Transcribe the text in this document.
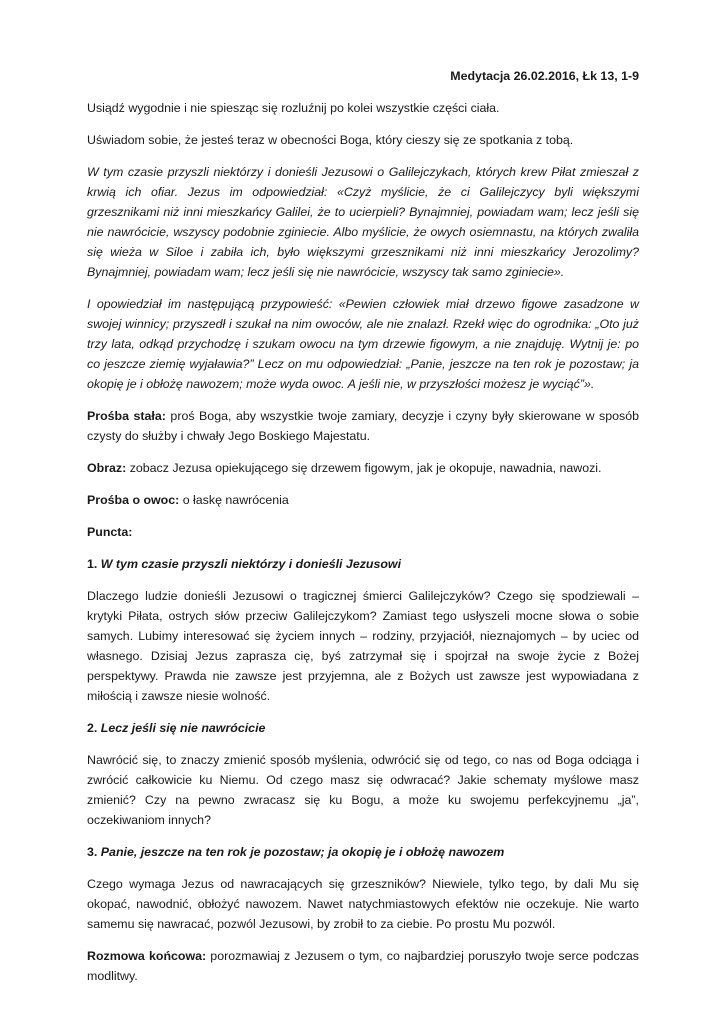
Medytacja 26.02.2016, Łk 13, 1-9

Usiądź wygodnie i nie spiesząc się rozluźnij po kolei wszystkie części ciała.

Uświadom sobie, że jesteś teraz w obecności Boga, który cieszy się ze spotkania z tobą.

W tym czasie przyszli niektórzy i donieśli Jezusowi o Galilejczykach, których krew Piłat zmieszał z krwią ich ofiar. Jezus im odpowiedział: «Czyż myślicie, że ci Galilejczycy byli większymi grzesznikami niż inni mieszkańcy Galilei, że to ucierpieli? Bynajmniej, powiadam wam; lecz jeśli się nie nawrócicie, wszyscy podobnie zginiecie. Albo myślicie, że owych osiemnastu, na których zwaliła się wieża w Siloe i zabiła ich, było większymi grzesznikami niż inni mieszkańcy Jerozolimy? Bynajmniej, powiadam wam; lecz jeśli się nie nawrócicie, wszyscy tak samo zginiecie».

I opowiedział im następującą przypowieść: «Pewien człowiek miał drzewo figowe zasadzone w swojej winnicy; przyszedł i szukał na nim owoców, ale nie znalazł. Rzekł więc do ogrodnika: „Oto już trzy lata, odkąd przychodzę i szukam owocu na tym drzewie figowym, a nie znajduję. Wytnij je: po co jeszcze ziemię wyjaławia?” Lecz on mu odpowiedział: „Panie, jeszcze na ten rok je pozostaw; ja okopię je i obłożę nawozem; może wyda owoc. A jeśli nie, w przyszłości możesz je wyciąć”».

Prośba stała: proś Boga, aby wszystkie twoje zamiary, decyzje i czyny były skierowane w sposób czysty do służby i chwały Jego Boskiego Majestatu.

Obraz: zobacz Jezusa opiekującego się drzewem figowym, jak je okopuje, nawadnia, nawozi.

Prośba o owoc: o łaskę nawrócenia

Puncta:

1. W tym czasie przyszli niektórzy i donieśli Jezusowi

Dlaczego ludzie donieśli Jezusowi o tragicznej śmierci Galilejczyków? Czego się spodziewali – krytyki Piłata, ostrych słów przeciw Galilejczykom? Zamiast tego usłyszeli mocne słowa o sobie samych. Lubimy interesować się życiem innych – rodziny, przyjaciół, nieznajomych – by uciec od własnego. Dzisiaj Jezus zaprasza cię, byś zatrzymał się i spojrzał na swoje życie z Bożej perspektywy. Prawda nie zawsze jest przyjemna, ale z Bożych ust zawsze jest wypowiadana z miłością i zawsze niesie wolność.

2. Lecz jeśli się nie nawrócicie

Nawrócić się, to znaczy zmienić sposób myślenia, odwrócić się od tego, co nas od Boga odciąga i zwrócić całkowicie ku Niemu. Od czego masz się odwracać? Jakie schematy myślowe masz zmienić? Czy na pewno zwracasz się ku Bogu, a może ku swojemu perfekcyjnemu „ja”, oczekiwaniom innych?

3. Panie, jeszcze na ten rok je pozostaw; ja okopię je i obłożę nawozem

Czego wymaga Jezus od nawracających się grzeszników? Niewiele, tylko tego, by dali Mu się okopać, nawodnić, obłożyć nawozem. Nawet natychmiastowych efektów nie oczekuje. Nie warto samemu się nawracać, pozwól Jezusowi, by zrobił to za ciebie. Po prostu Mu pozwól.

Rozmowa końcowa: porozmawiaj z Jezusem o tym, co najbardziej poruszyło twoje serce podczas modlitwy.
